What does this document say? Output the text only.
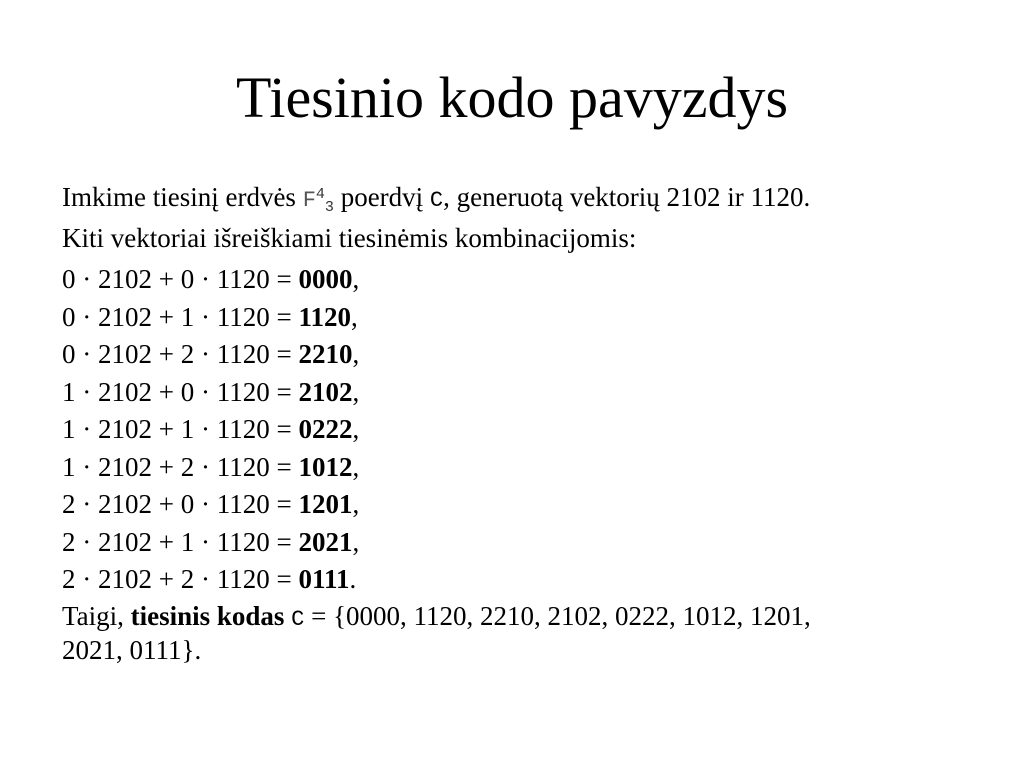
Tiesinio kodo pavyzdys

Imkime tiesinį erdvės $F^4_3$ poerdvį C, generuotą vektorių 2102 ir 1120.
Kiti vektoriai išreiškiami tiesinėmis kombinacijomis:

0 · 2102 + 0 · 1120 = 0000,
0 · 2102 + 1 · 1120 = 1120,
0 · 2102 + 2 · 1120 = 2210,
1 · 2102 + 0 · 1120 = 2102,
1 · 2102 + 1 · 1120 = 0222,
1 · 2102 + 2 · 1120 = 1012,
2 · 2102 + 0 · 1120 = 1201,
2 · 2102 + 1 · 1120 = 2021,
2 · 2102 + 2 · 1120 = 0111.

Taigi, tiesinis kodas C = {0000, 1120, 2210, 2102, 0222, 1012, 1201,
2021, 0111}.
